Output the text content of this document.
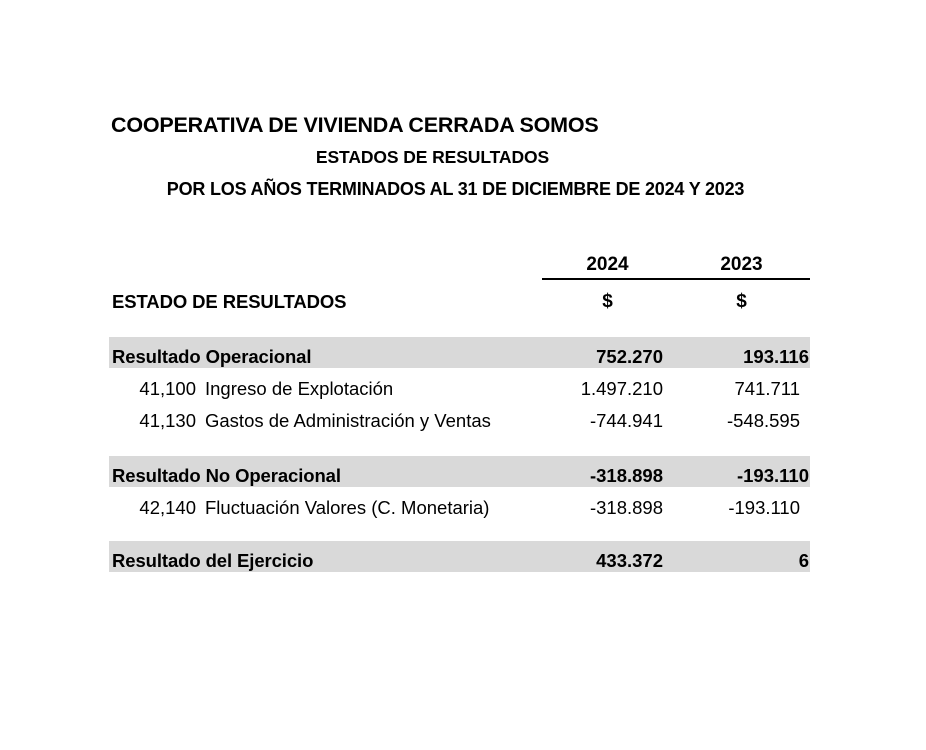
COOPERATIVA DE VIVIENDA CERRADA SOMOS
ESTADOS DE RESULTADOS
POR LOS AÑOS TERMINADOS AL 31 DE DICIEMBRE DE 2024 Y 2023
		2024	2023
ESTADO DE RESULTADOS		$	$

Resultado Operacional		752.270	193.116
41,100	Ingreso de Explotación	1.497.210	741.711
41,130	Gastos de Administración y Ventas	-744.941	-548.595

Resultado No Operacional		-318.898	-193.110
42,140	Fluctuación Valores (C. Monetaria)	-318.898	-193.110

Resultado del Ejercicio		433.372	6
